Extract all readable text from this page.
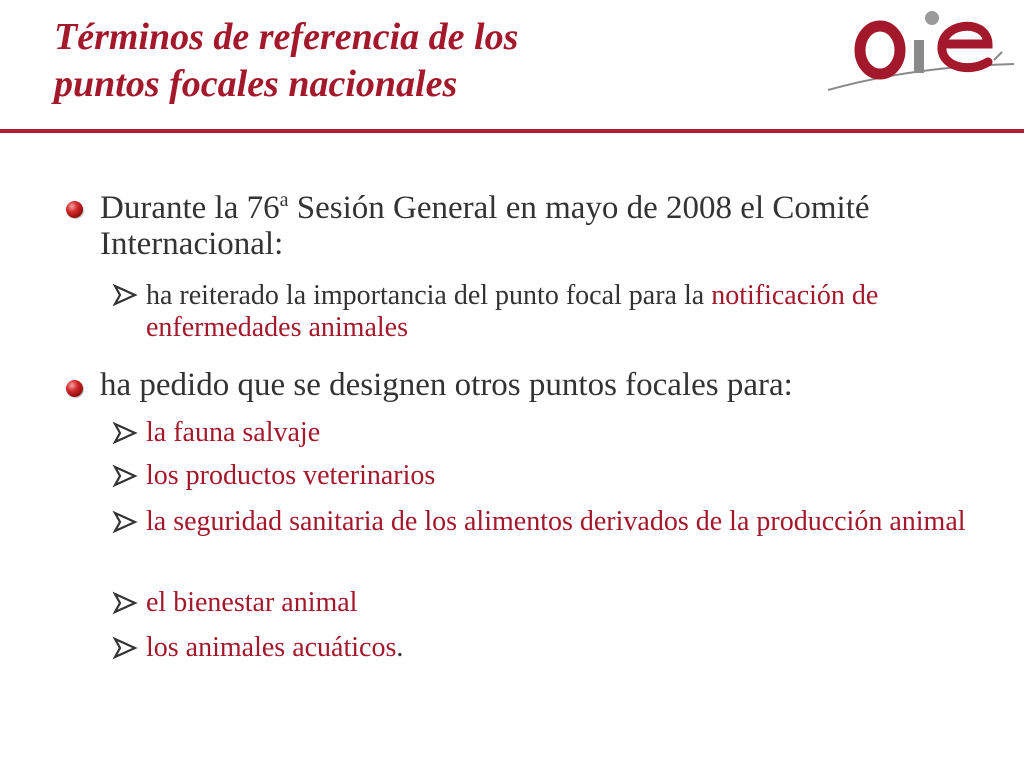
Términos de referencia de los
puntos focales nacionales
Durante la 76$^a$ Sesión General en mayo de 2008 el Comité Internacional:
ha reiterado la importancia del punto focal para la notificación de enfermedades animales
ha pedido que se designen otros puntos focales para:
la fauna salvaje
los productos veterinarios
la seguridad sanitaria de los alimentos derivados de la producción animal
el bienestar animal
los animales acuáticos.
